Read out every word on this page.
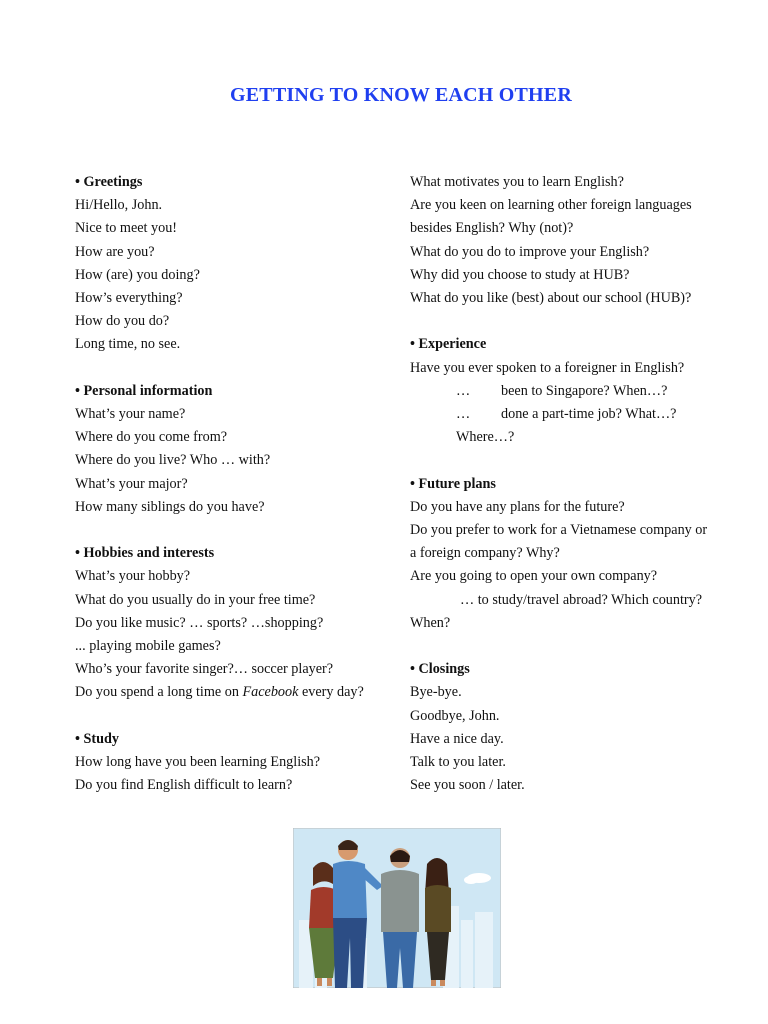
GETTING TO KNOW EACH OTHER
• Greetings
Hi/Hello, John.
Nice to meet you!
How are you?
How (are) you doing?
How’s everything?
How do you do?
Long time, no see.
• Personal information
What’s your name?
Where do you come from?
Where do you live? Who … with?
What’s your major?
How many siblings do you have?
• Hobbies and interests
What’s your hobby?
What do you usually do in your free time?
Do you like music? … sports? …shopping?
... playing mobile games?
Who’s your favorite singer?… soccer player?
Do you spend a long time on Facebook every day?
• Study
How long have you been learning English?
Do you find English difficult to learn?
What motivates you to learn English?
Are you keen on learning other foreign languages
besides English? Why (not)?
What do you do to improve your English?
Why did you choose to study at HUB?
What do you like (best) about our school (HUB)?
• Experience
Have you ever spoken to a foreigner in English?
… been to Singapore? When…?
… done a part-time job? What…?
Where…?
• Future plans
Do you have any plans for the future?
Do you prefer to work for a Vietnamese company or
a foreign company? Why?
Are you going to open your own company?
… to study/travel abroad? Which country?
When?
• Closings
Bye-bye.
Goodbye, John.
Have a nice day.
Talk to you later.
See you soon / later.
